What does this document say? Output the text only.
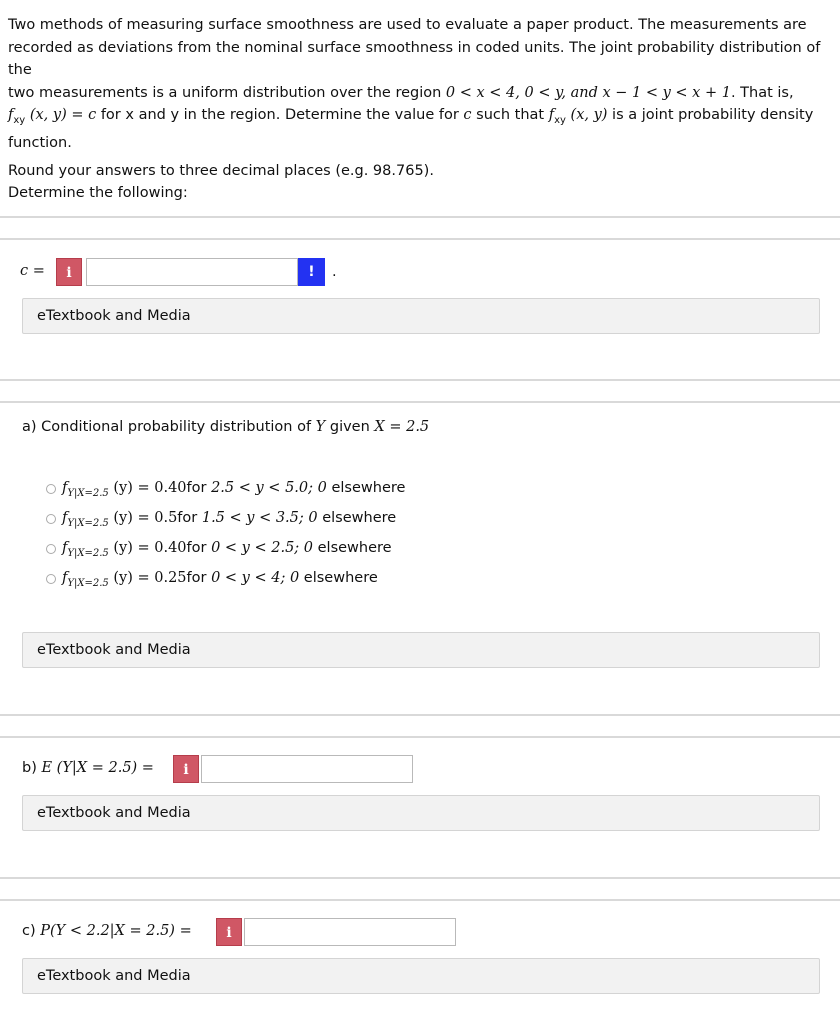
Two methods of measuring surface smoothness are used to evaluate a paper product. The measurements are

recorded as deviations from the nominal surface smoothness in coded units. The joint probability distribution of the

two measurements is a uniform distribution over the region 0 < x < 4, 0 < y, and x − 1 < y < x + 1. That is,

$f_{xy}$ (x, y) = c for x and y in the region. Determine the value for c such that $f_{xy}$ (x, y) is a joint probability density

function.

Round your answers to three decimal places (e.g. 98.765).
Determine the following:
c =	i	!	.
eTextbook and Media
a) Conditional probability distribution of Y given X = 2.5
$f_{Y|X=2.5}$ (y) = 0.40for 2.5 < y < 5.0; 0 elsewhere
$f_{Y|X=2.5}$ (y) = 0.5for 1.5 < y < 3.5; 0 elsewhere
$f_{Y|X=2.5}$ (y) = 0.40for 0 < y < 2.5; 0 elsewhere
$f_{Y|X=2.5}$ (y) = 0.25for 0 < y < 4; 0 elsewhere
eTextbook and Media
b) E (Y|X = 2.5) =	i
eTextbook and Media
c) P(Y < 2.2|X = 2.5) =	i
eTextbook and Media
